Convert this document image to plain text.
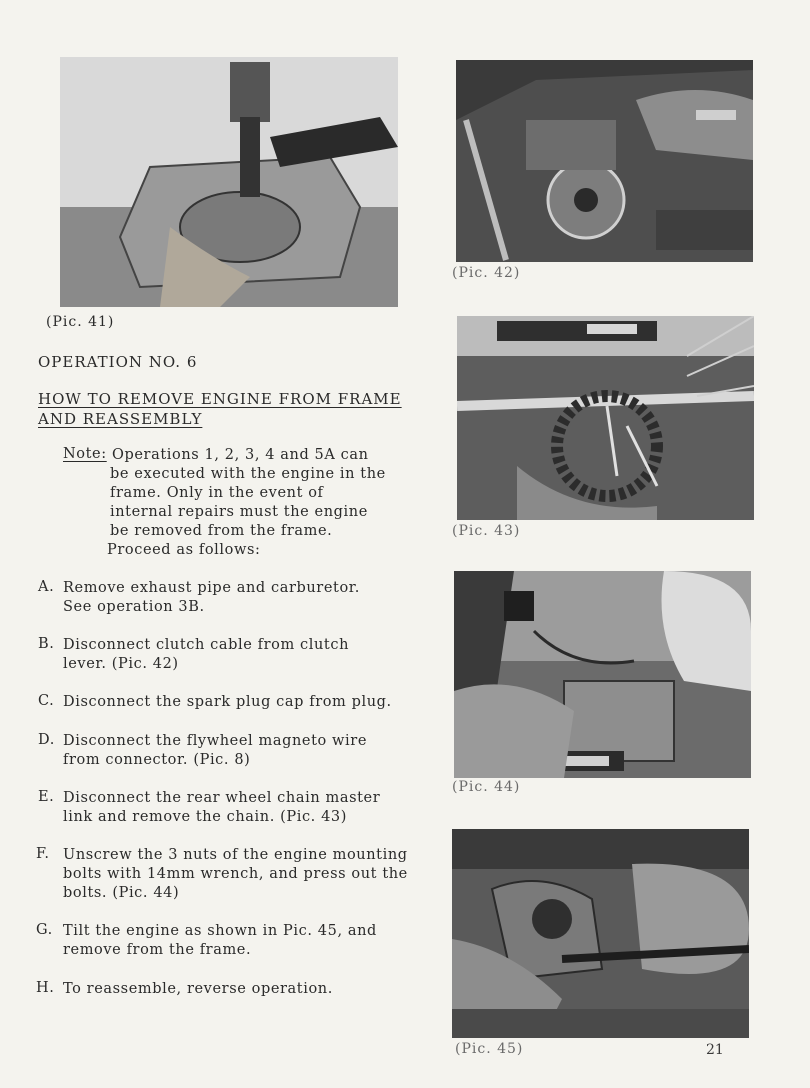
(Pic. 41)
(Pic. 42)
(Pic. 43)
(Pic. 44)
(Pic. 45)
OPERATION NO. 6
HOW TO REMOVE ENGINE FROM FRAME
AND REASSEMBLY
Note: Operations 1, 2, 3, 4 and 5A can
be executed with the engine in the
frame. Only in the event of
internal repairs must the engine
be removed from the frame.
Proceed as follows:
A. Remove exhaust pipe and carburetor. See operation 3B.
B. Disconnect clutch cable from clutch lever. (Pic. 42)
C. Disconnect the spark plug cap from plug.
D. Disconnect the flywheel magneto wire from connector. (Pic. 8)
E. Disconnect the rear wheel chain master link and remove the chain. (Pic. 43)
F. Unscrew the 3 nuts of the engine mounting bolts with 14mm wrench, and press out the bolts. (Pic. 44)
G. Tilt the engine as shown in Pic. 45, and remove from the frame.
H. To reassemble, reverse operation.
21
